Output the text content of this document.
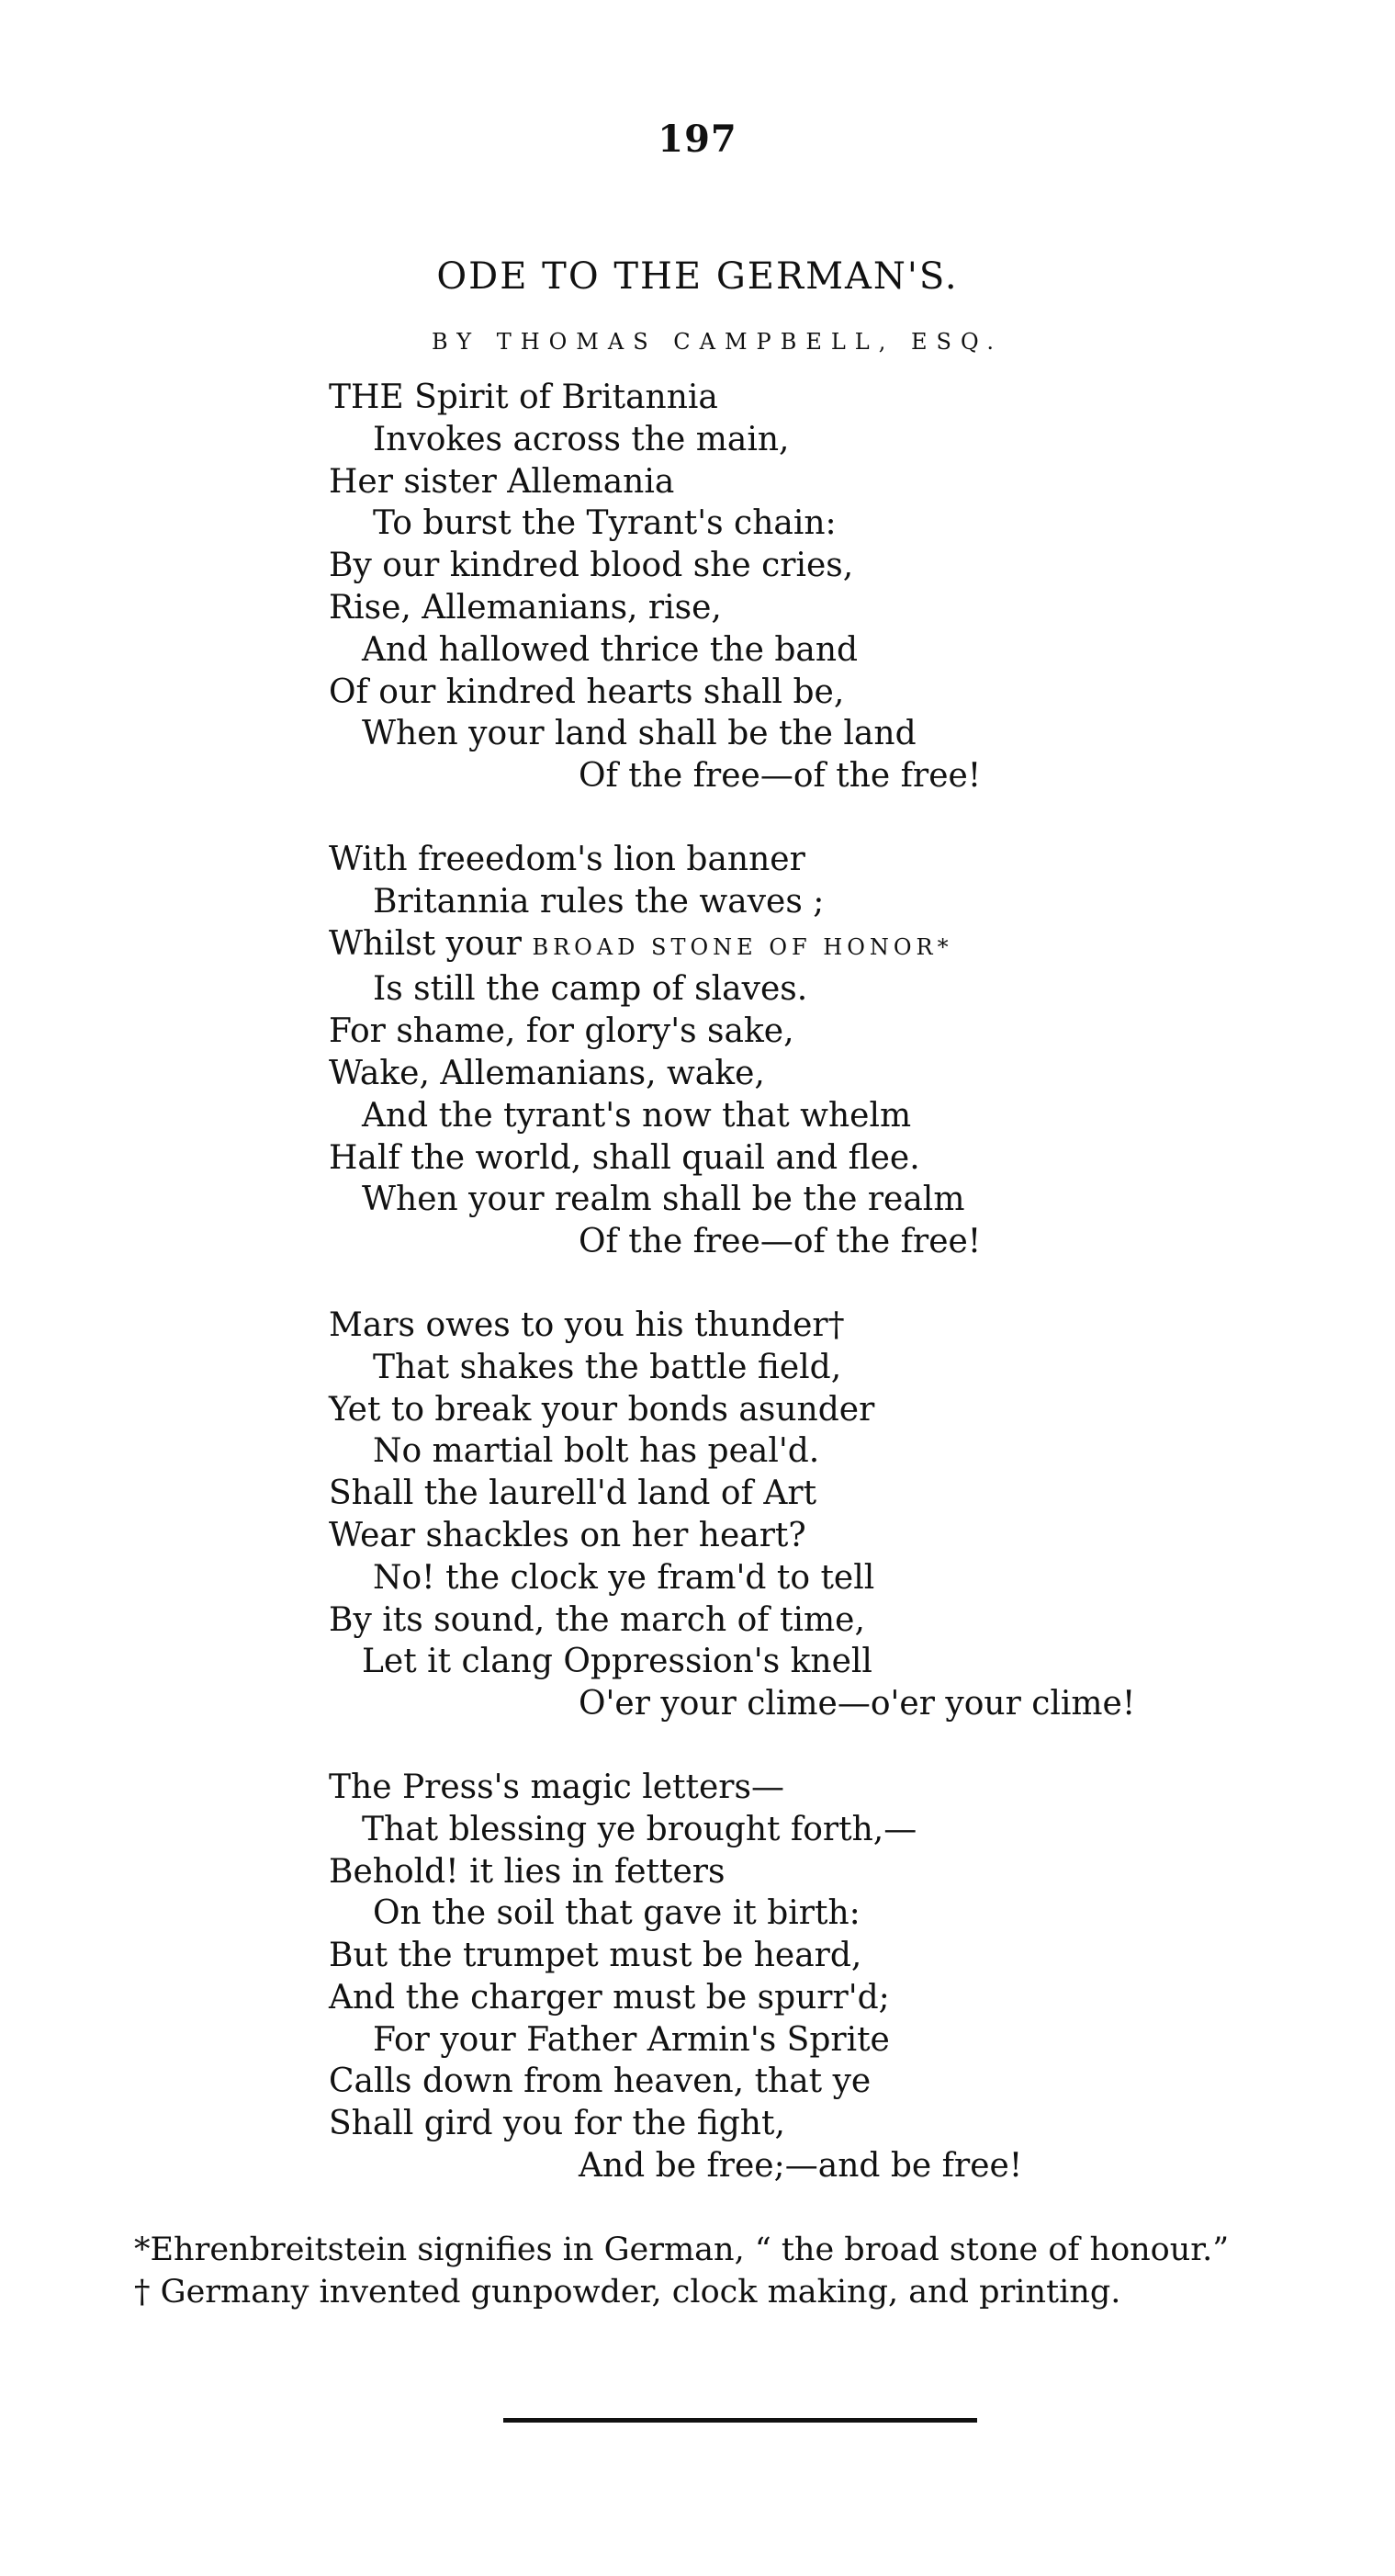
197
ODE TO THE GERMAN'S.
BY THOMAS CAMPBELL, ESQ.
THE Spirit of Britannia
Invokes across the main,
Her sister Allemania
To burst the Tyrant's chain:
By our kindred blood she cries,
Rise, Allemanians, rise,
And hallowed thrice the band
Of our kindred hearts shall be,
When your land shall be the land
Of the free—of the free!
With freeedom's lion banner
Britannia rules the waves ;
Whilst your BROAD STONE OF HONOR*
Is still the camp of slaves.
For shame, for glory's sake,
Wake, Allemanians, wake,
And the tyrant's now that whelm
Half the world, shall quail and flee.
When your realm shall be the realm
Of the free—of the free!
Mars owes to you his thunder†
That shakes the battle field,
Yet to break your bonds asunder
No martial bolt has peal'd.
Shall the laurell'd land of Art
Wear shackles on her heart?
No! the clock ye fram'd to tell
By its sound, the march of time,
Let it clang Oppression's knell
O'er your clime—o'er your clime!
The Press's magic letters—
That blessing ye brought forth,—
Behold! it lies in fetters
On the soil that gave it birth:
But the trumpet must be heard,
And the charger must be spurr'd;
For your Father Armin's Sprite
Calls down from heaven, that ye
Shall gird you for the fight,
And be free;—and be free!
*Ehrenbreitstein signifies in German, “ the broad stone of honour.”
† Germany invented gunpowder, clock making, and printing.
